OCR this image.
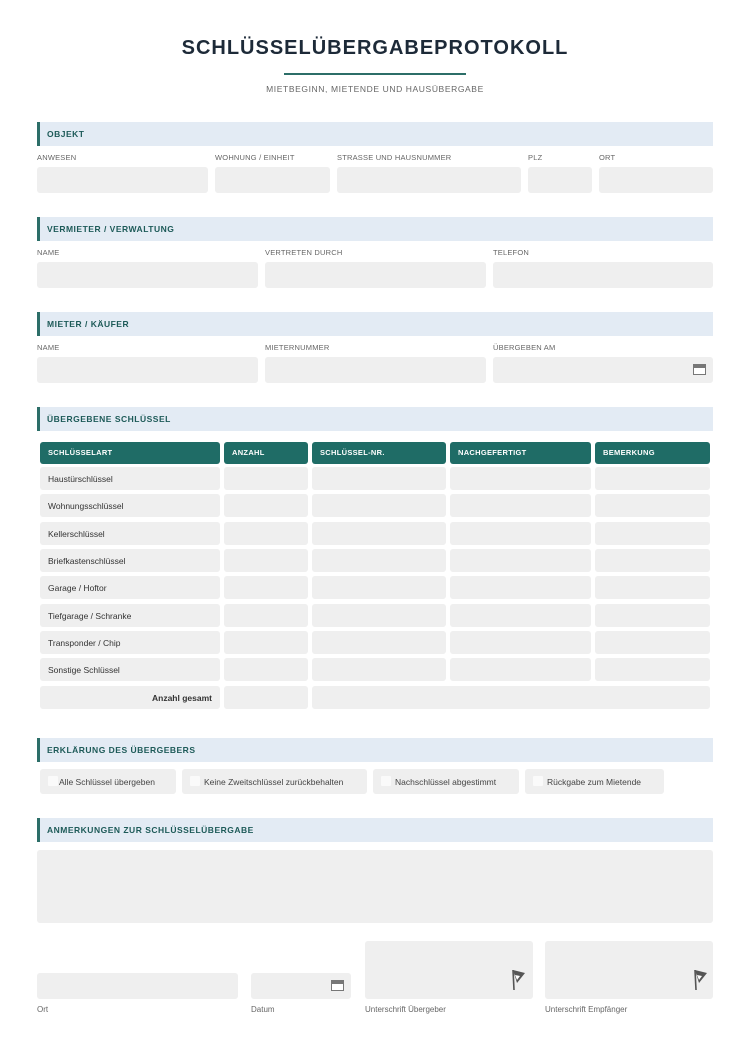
SCHLÜSSELÜBERGABEPROTOKOLL
MIETBEGINN, MIETENDE UND HAUSÜBERGABE
OBJEKT
ANWESEN	WOHNUNG / EINHEIT	STRASSE UND HAUSNUMMER	PLZ	ORT
VERMIETER / VERWALTUNG
NAME	VERTRETEN DURCH	TELEFON
MIETER / KÄUFER
NAME	MIETERNUMMER	ÜBERGEBEN AM
ÜBERGEBENE SCHLÜSSEL
SCHLÜSSELART	ANZAHL	SCHLÜSSEL-NR.	NACHGEFERTIGT	BEMERKUNG
Haustürschlüssel
Wohnungsschlüssel
Kellerschlüssel
Briefkastenschlüssel
Garage / Hoftor
Tiefgarage / Schranke
Transponder / Chip
Sonstige Schlüssel
Anzahl gesamt
ERKLÄRUNG DES ÜBERGEBERS
Alle Schlüssel übergeben	Keine Zweitschlüssel zurückbehalten	Nachschlüssel abgestimmt	Rückgabe zum Mietende
ANMERKUNGEN ZUR SCHLÜSSELÜBERGABE
Ort	Datum	Unterschrift Übergeber	Unterschrift Empfänger
